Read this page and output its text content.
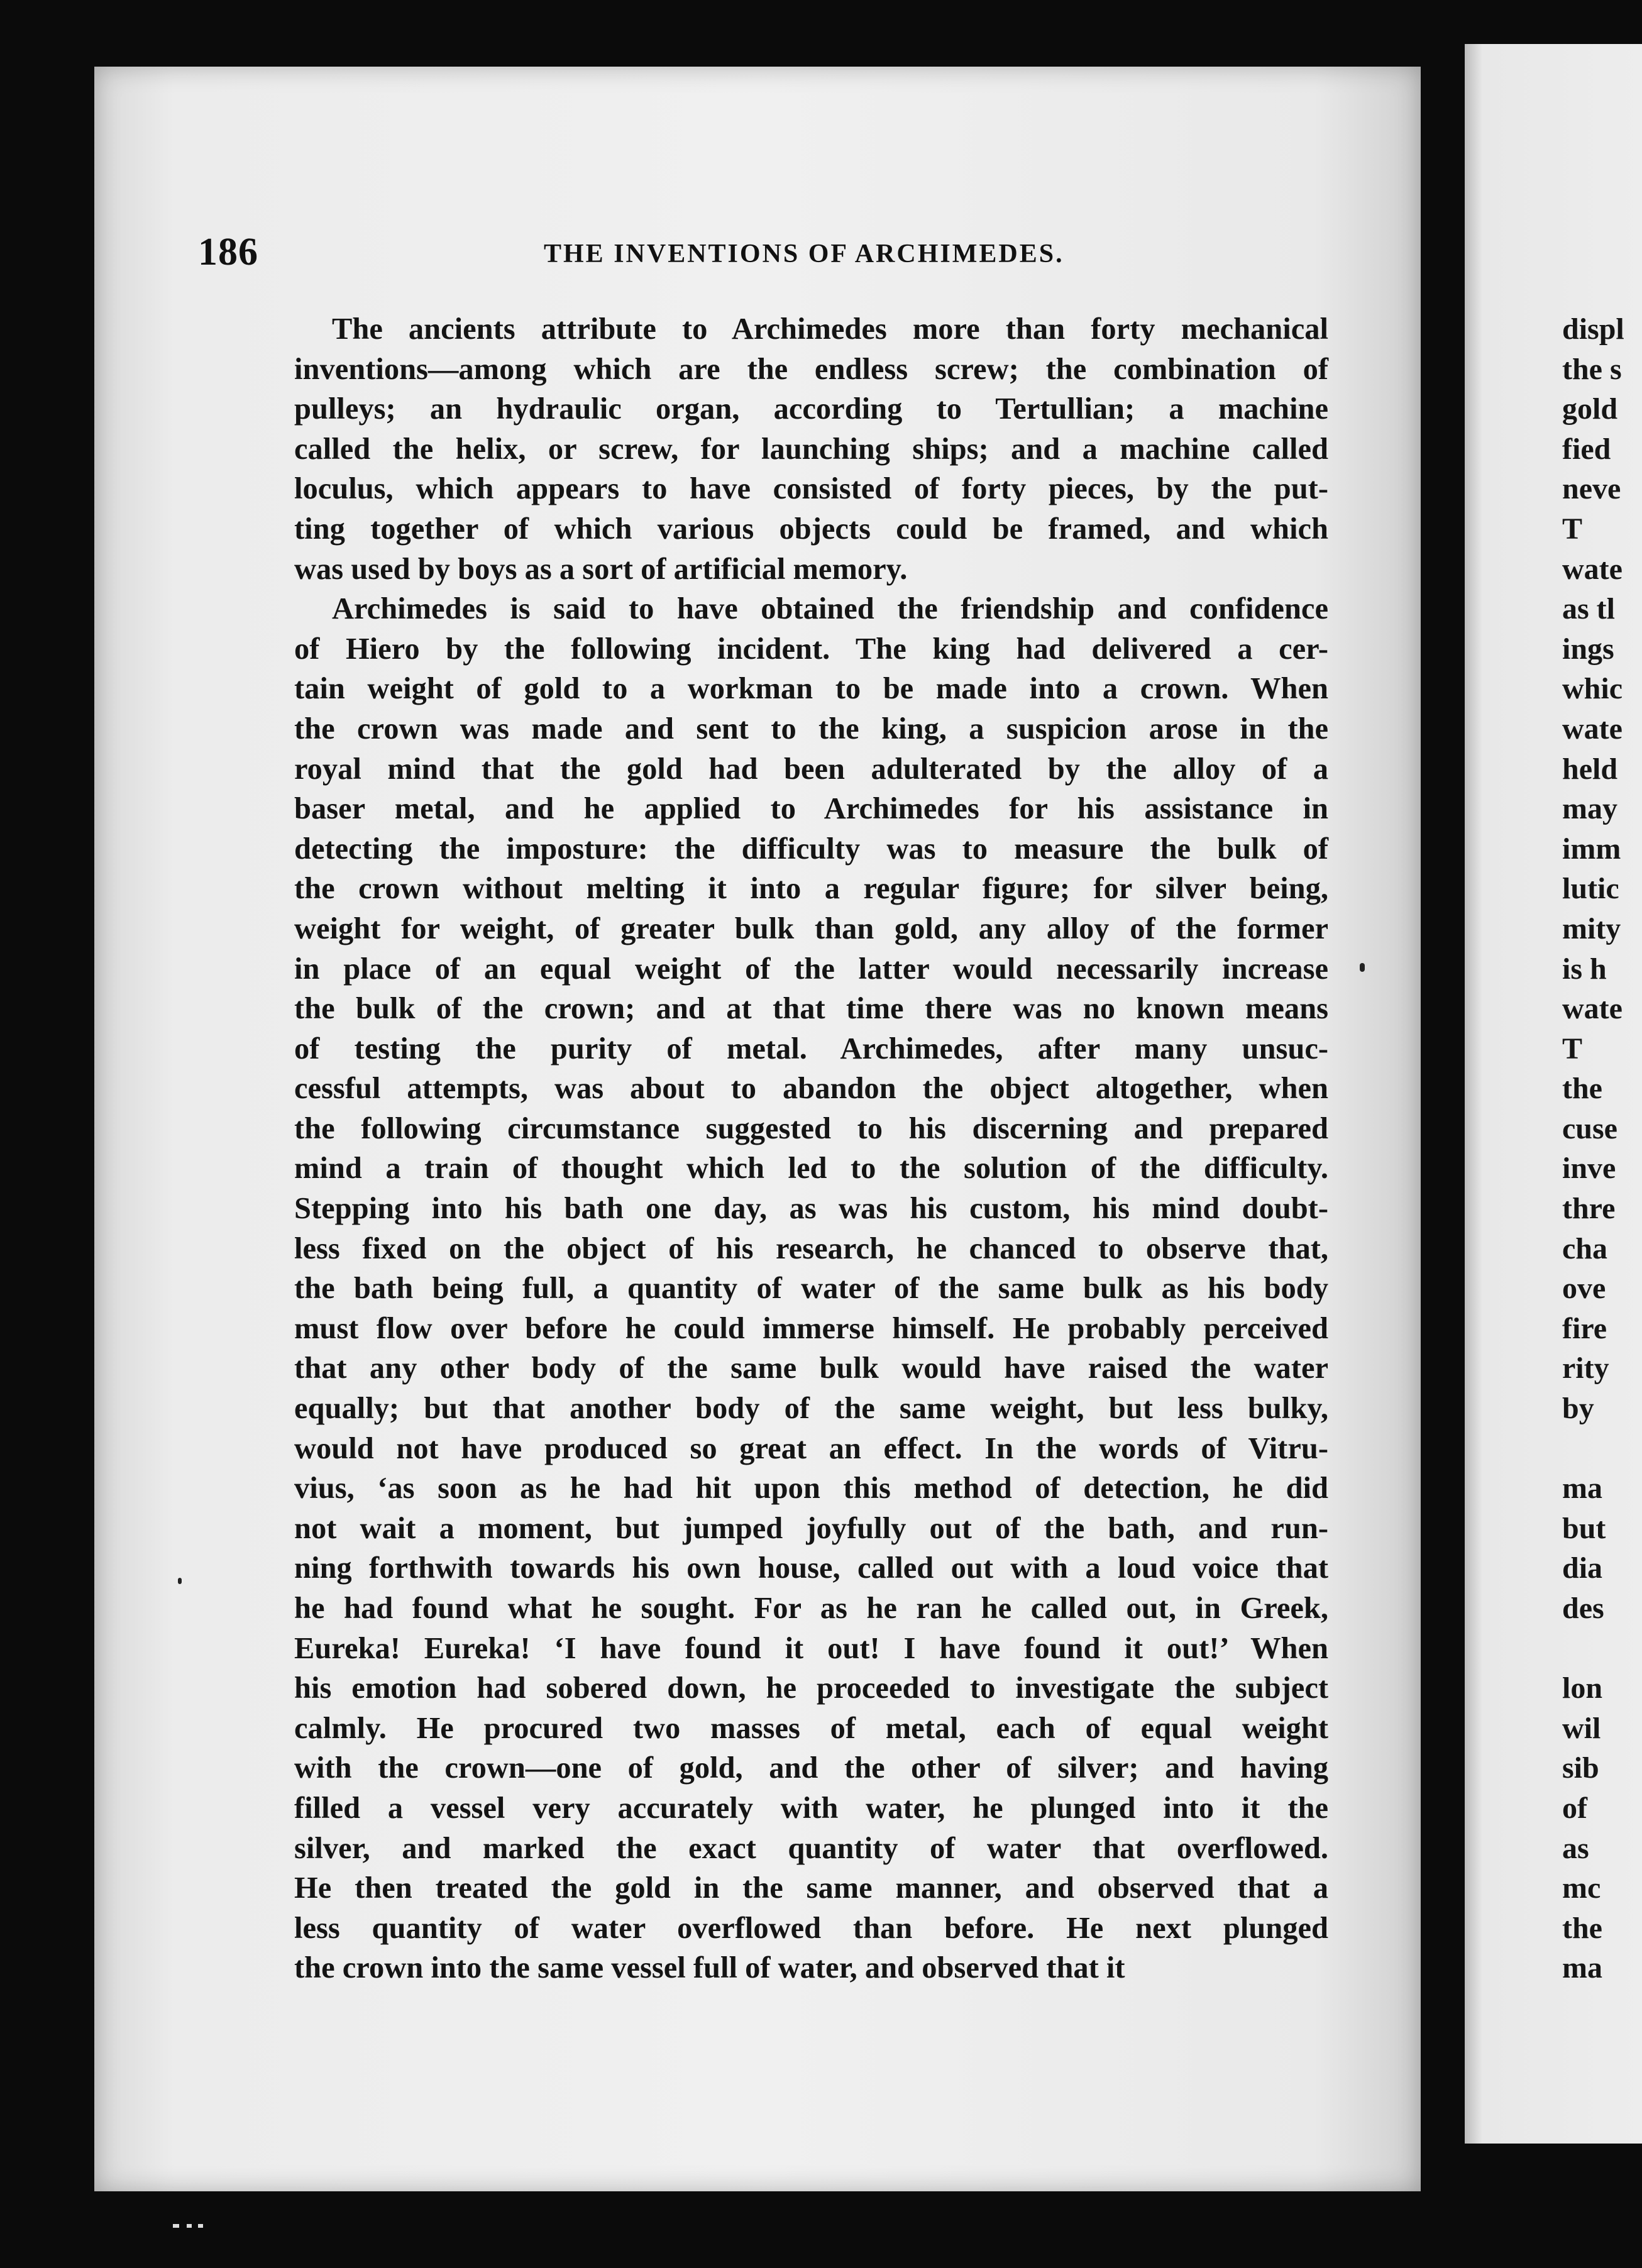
186	THE INVENTIONS OF ARCHIMEDES.
The ancients attribute to Archimedes more than forty mechanical
inventions—among which are the endless screw; the combination of
pulleys; an hydraulic organ, according to Tertullian; a machine
called the helix, or screw, for launching ships; and a machine called
loculus, which appears to have consisted of forty pieces, by the put-
ting together of which various objects could be framed, and which
was used by boys as a sort of artificial memory.
Archimedes is said to have obtained the friendship and confidence
of Hiero by the following incident. The king had delivered a cer-
tain weight of gold to a workman to be made into a crown. When
the crown was made and sent to the king, a suspicion arose in the
royal mind that the gold had been adulterated by the alloy of a
baser metal, and he applied to Archimedes for his assistance in
detecting the imposture: the difficulty was to measure the bulk of
the crown without melting it into a regular figure; for silver being,
weight for weight, of greater bulk than gold, any alloy of the former
in place of an equal weight of the latter would necessarily increase
the bulk of the crown; and at that time there was no known means
of testing the purity of metal. Archimedes, after many unsuc-
cessful attempts, was about to abandon the object altogether, when
the following circumstance suggested to his discerning and prepared
mind a train of thought which led to the solution of the difficulty.
Stepping into his bath one day, as was his custom, his mind doubt-
less fixed on the object of his research, he chanced to observe that,
the bath being full, a quantity of water of the same bulk as his body
must flow over before he could immerse himself. He probably perceived
that any other body of the same bulk would have raised the water
equally; but that another body of the same weight, but less bulky,
would not have produced so great an effect. In the words of Vitru-
vius, ‘as soon as he had hit upon this method of detection, he did
not wait a moment, but jumped joyfully out of the bath, and run-
ning forthwith towards his own house, called out with a loud voice that
he had found what he sought. For as he ran he called out, in Greek,
Eureka! Eureka! ‘I have found it out! I have found it out!’ When
his emotion had sobered down, he proceeded to investigate the subject
calmly. He procured two masses of metal, each of equal weight
with the crown—one of gold, and the other of silver; and having
filled a vessel very accurately with water, he plunged into it the
silver, and marked the exact quantity of water that overflowed.
He then treated the gold in the same manner, and observed that a
less quantity of water overflowed than before. He next plunged
the crown into the same vessel full of water, and observed that it
displ
the s
gold
fied
neve
T
wate
as tl
ings
whic
wate
held
may
imm
lutic
mity
is h
wate
T
the
cuse
inve
thre
cha
ove
fire
rity
by

ma
but
dia
des

lon
wil
sib
of
as
mc
the
ma
